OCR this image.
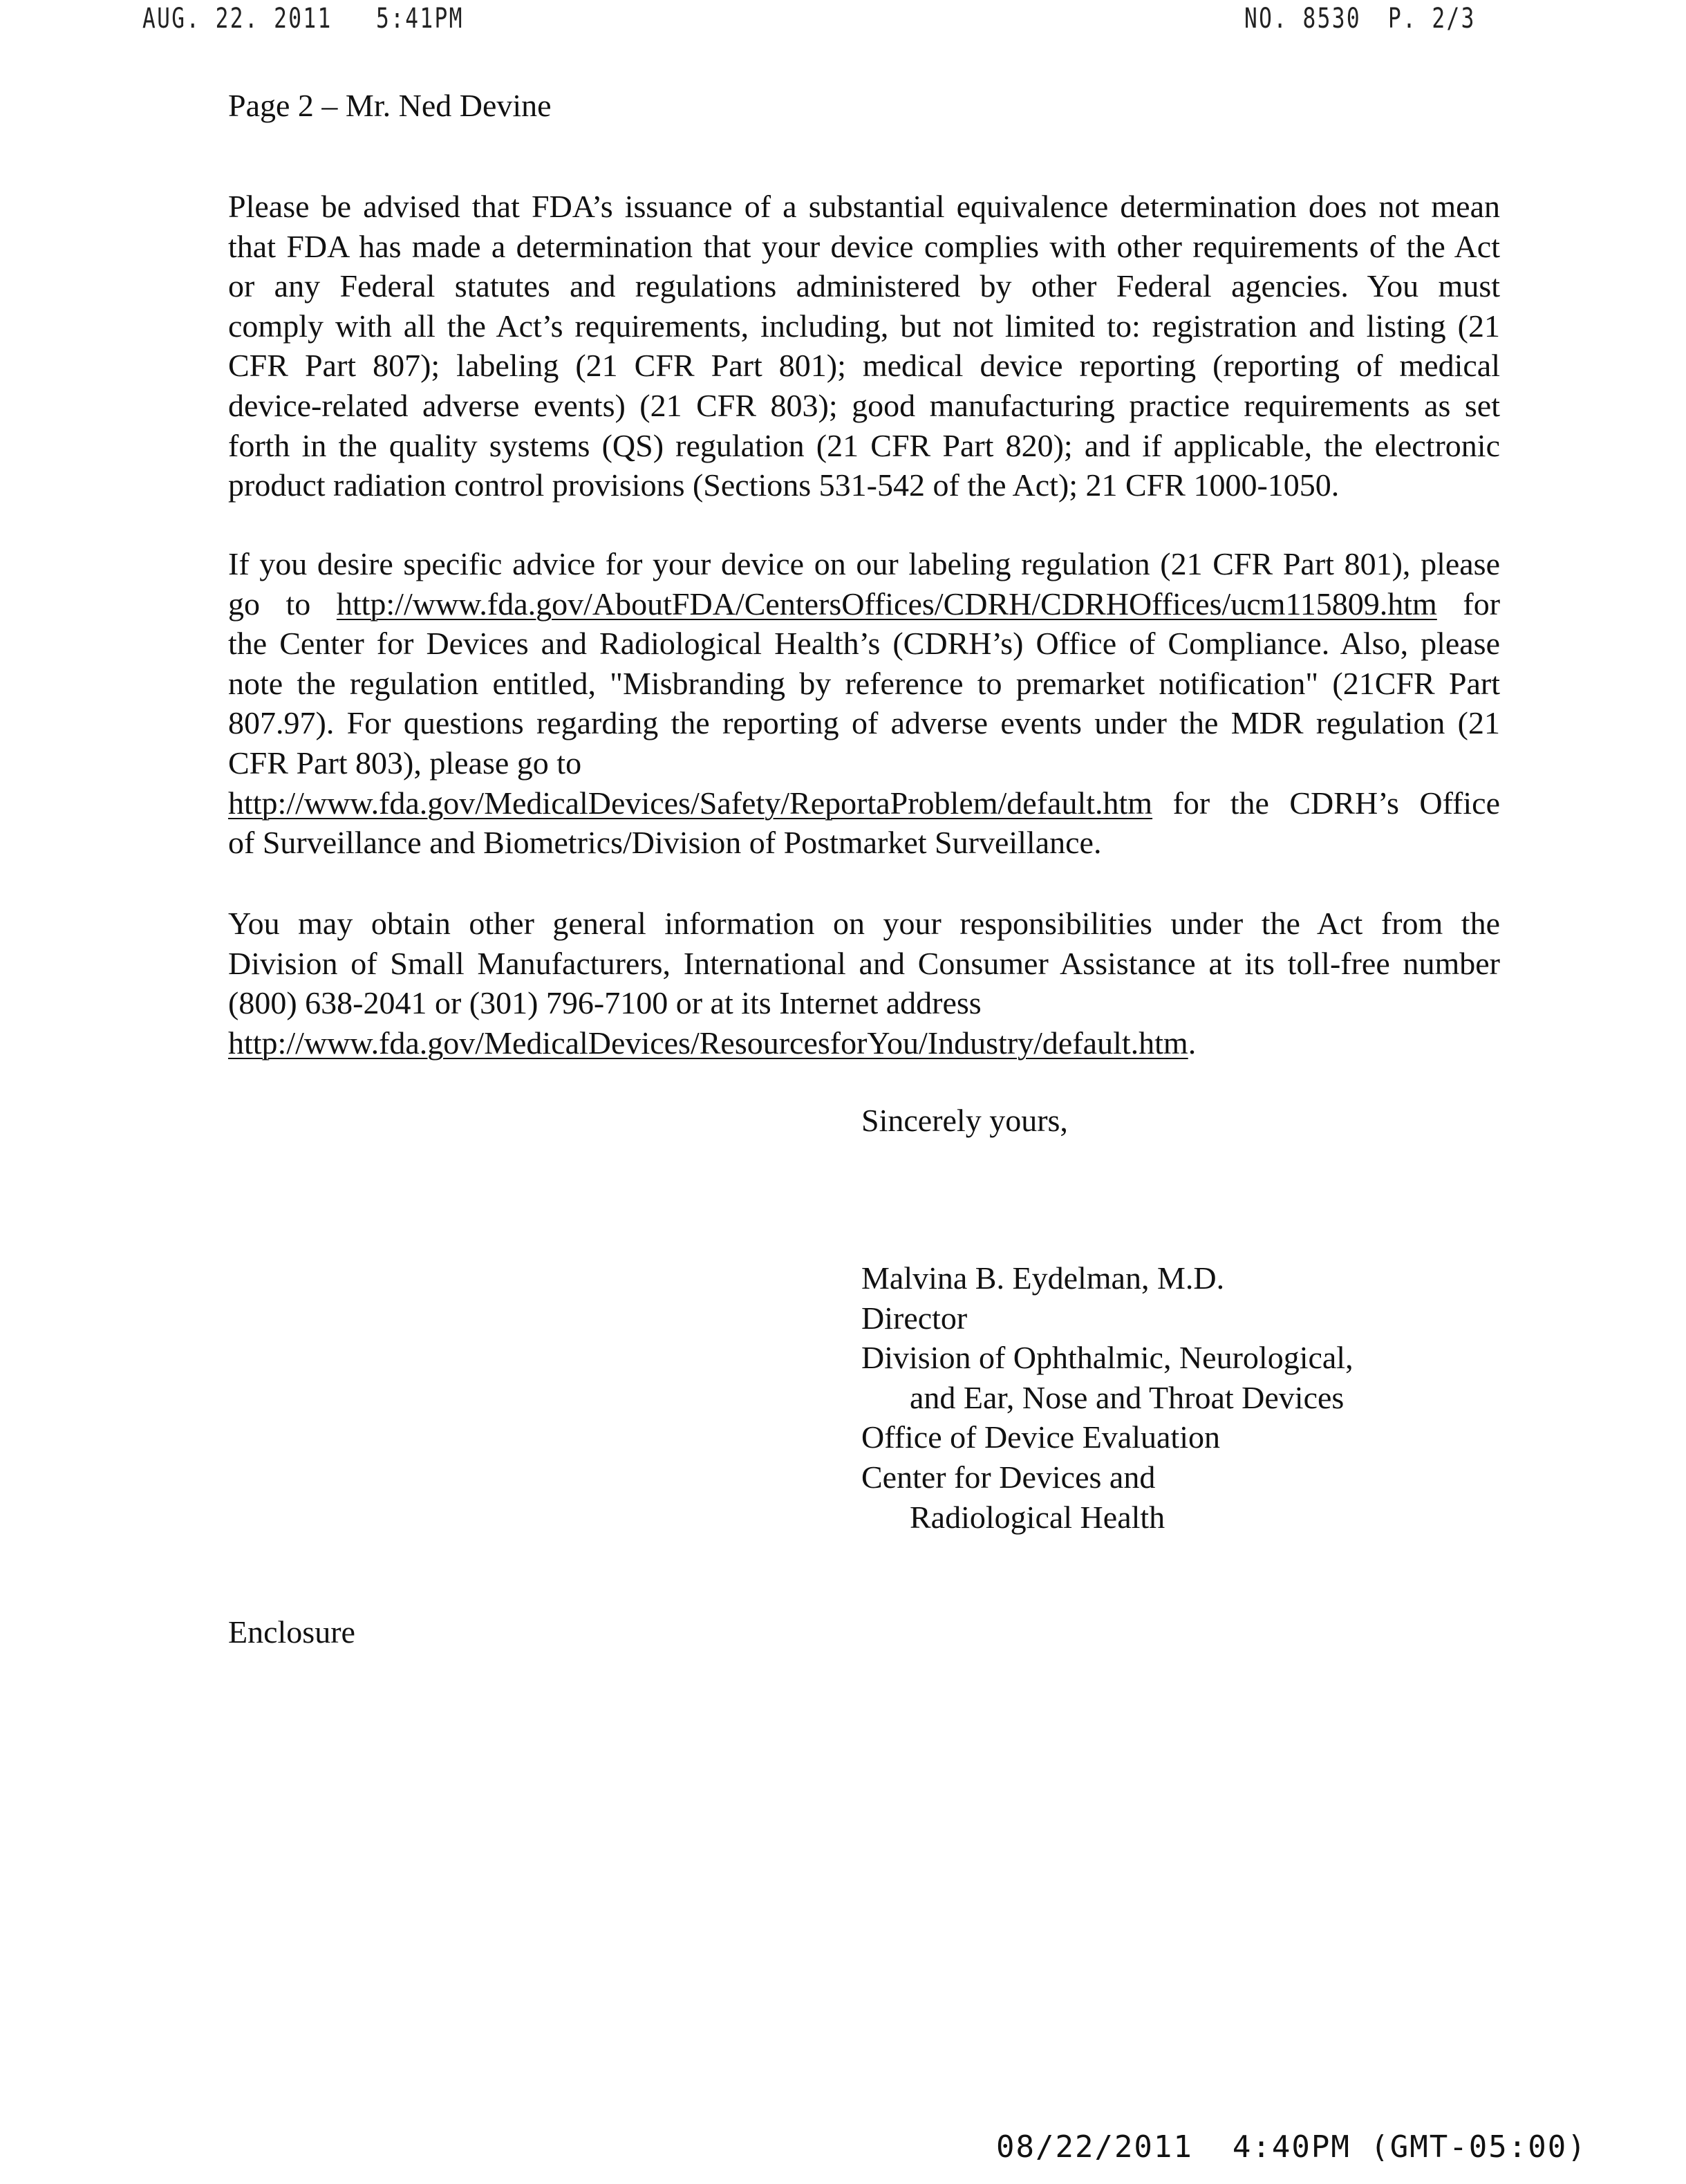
AUG. 22. 2011 5:41PM	NO. 8530 P. 2/3
Page 2 – Mr. Ned Devine
Please be advised that FDA’s issuance of a substantial equivalence determination does not mean
that FDA has made a determination that your device complies with other requirements of the Act
or any Federal statutes and regulations administered by other Federal agencies. You must
comply with all the Act’s requirements, including, but not limited to: registration and listing (21
CFR Part 807); labeling (21 CFR Part 801); medical device reporting (reporting of medical
device-related adverse events) (21 CFR 803); good manufacturing practice requirements as set
forth in the quality systems (QS) regulation (21 CFR Part 820); and if applicable, the electronic
product radiation control provisions (Sections 531-542 of the Act); 21 CFR 1000-1050.
If you desire specific advice for your device on our labeling regulation (21 CFR Part 801), please
go to http://www.fda.gov/AboutFDA/CentersOffices/CDRH/CDRHOffices/ucm115809.htm for
the Center for Devices and Radiological Health’s (CDRH’s) Office of Compliance. Also, please
note the regulation entitled, "Misbranding by reference to premarket notification" (21CFR Part
807.97). For questions regarding the reporting of adverse events under the MDR regulation (21
CFR Part 803), please go to
http://www.fda.gov/MedicalDevices/Safety/ReportaProblem/default.htm for the CDRH’s Office
of Surveillance and Biometrics/Division of Postmarket Surveillance.
You may obtain other general information on your responsibilities under the Act from the
Division of Small Manufacturers, International and Consumer Assistance at its toll-free number
(800) 638-2041 or (301) 796-7100 or at its Internet address
http://www.fda.gov/MedicalDevices/ResourcesforYou/Industry/default.htm.
Sincerely yours,
Malvina B. Eydelman, M.D.
Director
Division of Ophthalmic, Neurological,
and Ear, Nose and Throat Devices
Office of Device Evaluation
Center for Devices and
Radiological Health
Enclosure
08/22/2011  4:40PM (GMT-05:00)
